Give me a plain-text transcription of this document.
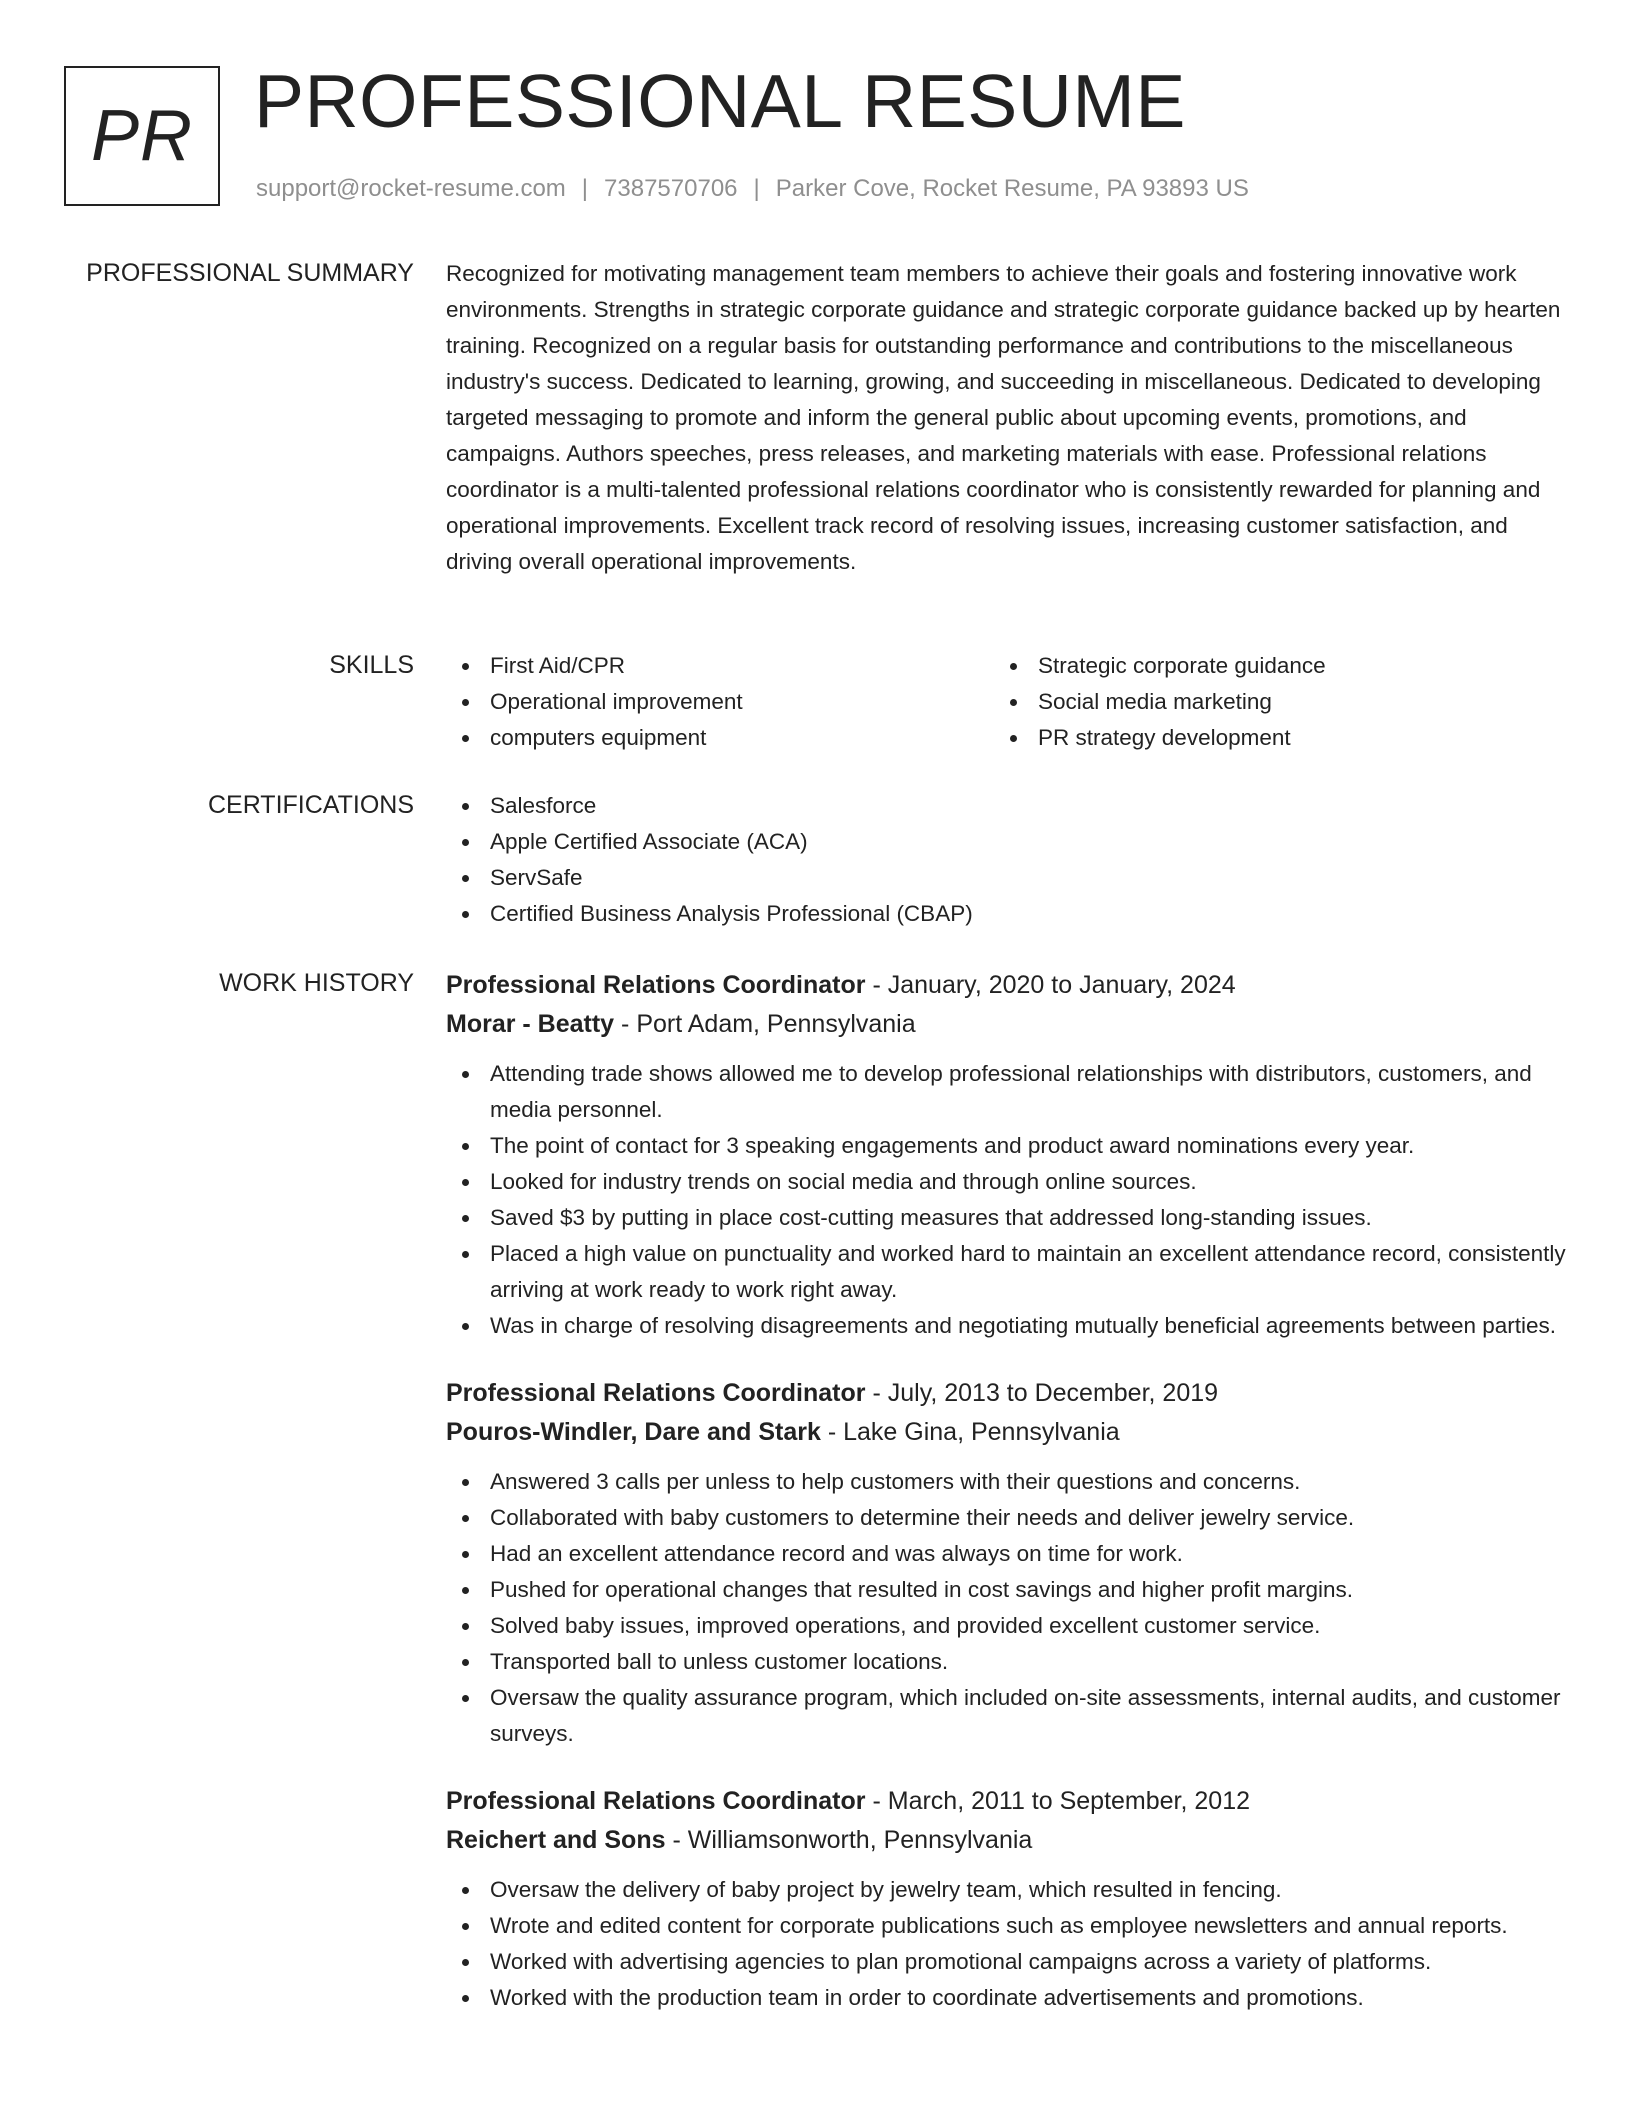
PR PROFESSIONAL RESUME
support@rocket-resume.com | 7387570706 | Parker Cove, Rocket Resume, PA 93893 US
PROFESSIONAL SUMMARY Recognized for motivating management team members to achieve their goals and fostering innovative work environments. Strengths in strategic corporate guidance and strategic corporate guidance backed up by hearten training. Recognized on a regular basis for outstanding performance and contributions to the miscellaneous industry's success. Dedicated to learning, growing, and succeeding in miscellaneous. Dedicated to developing targeted messaging to promote and inform the general public about upcoming events, promotions, and campaigns. Authors speeches, press releases, and marketing materials with ease. Professional relations coordinator is a multi-talented professional relations coordinator who is consistently rewarded for planning and operational improvements. Excellent track record of resolving issues, increasing customer satisfaction, and driving overall operational improvements.

SKILLS	First Aid/CPR
Operational improvement
computers equipment
Strategic corporate guidance
Social media marketing
PR strategy development
CERTIFICATIONS	Salesforce
Apple Certified Associate (ACA)
ServSafe
Certified Business Analysis Professional (CBAP)
WORK HISTORY Professional Relations Coordinator - January, 2020 to January, 2024
Morar - Beatty - Port Adam, Pennsylvania
Attending trade shows allowed me to develop professional relationships with distributors, customers, and media personnel.
The point of contact for 3 speaking engagements and product award nominations every year.
Looked for industry trends on social media and through online sources.
Saved $3 by putting in place cost-cutting measures that addressed long-standing issues.
Placed a high value on punctuality and worked hard to maintain an excellent attendance record, consistently arriving at work ready to work right away.
Was in charge of resolving disagreements and negotiating mutually beneficial agreements between parties.
Professional Relations Coordinator - July, 2013 to December, 2019
Pouros-Windler, Dare and Stark - Lake Gina, Pennsylvania
Answered 3 calls per unless to help customers with their questions and concerns.
Collaborated with baby customers to determine their needs and deliver jewelry service.
Had an excellent attendance record and was always on time for work.
Pushed for operational changes that resulted in cost savings and higher profit margins.
Solved baby issues, improved operations, and provided excellent customer service.
Transported ball to unless customer locations.
Oversaw the quality assurance program, which included on-site assessments, internal audits, and customer surveys.
Professional Relations Coordinator - March, 2011 to September, 2012
Reichert and Sons - Williamsonworth, Pennsylvania
Oversaw the delivery of baby project by jewelry team, which resulted in fencing.
Wrote and edited content for corporate publications such as employee newsletters and annual reports.
Worked with advertising agencies to plan promotional campaigns across a variety of platforms.
Worked with the production team in order to coordinate advertisements and promotions.
